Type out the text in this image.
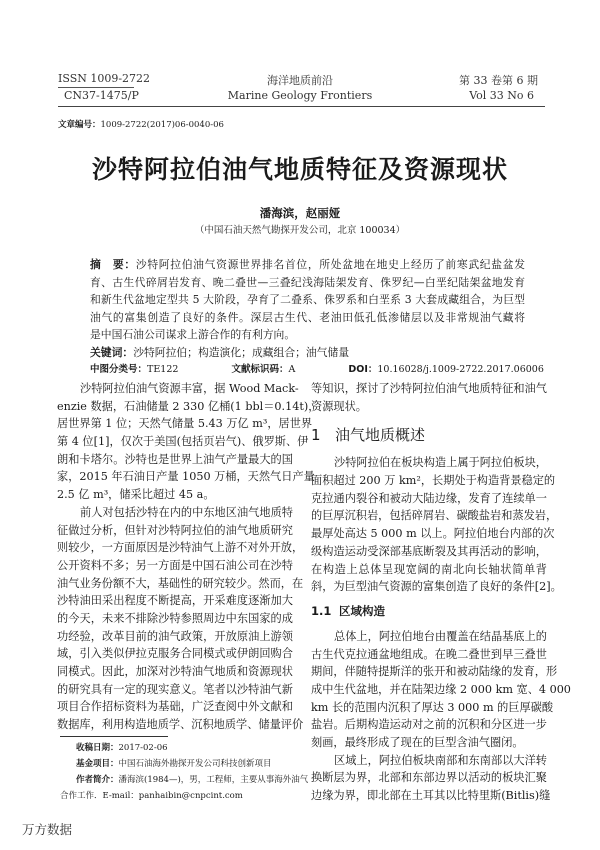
ISSN 1009-2722
CN37-1475/P
海洋地质前沿
Marine Geology Frontiers
第 33 卷第 6 期
Vol 33 No 6
文章编号：1009-2722(2017)06-0040-06
沙特阿拉伯油气地质特征及资源现状
潘海滨，赵丽娅
（中国石油天然气勘探开发公司，北京 100034）
摘　要：沙特阿拉伯油气资源世界排名首位，所处盆地在地史上经历了前寒武纪盐盆发
育、古生代碎屑岩发育、晚二叠世—三叠纪浅海陆架发育、侏罗纪—白垩纪陆架盆地发育
和新生代盆地定型共 5 大阶段，孕育了二叠系、侏罗系和白垩系 3 大套成藏组合，为巨型
油气的富集创造了良好的条件。深层古生代、老油田低孔低渗储层以及非常规油气藏将
是中国石油公司谋求上游合作的有利方向。
关键词：沙特阿拉伯；构造演化；成藏组合；油气储量
中图分类号：TE122	文献标识码：A	DOI：10.16028/j.1009-2722.2017.06006
沙特阿拉伯油气资源丰富，据 Wood Mack-
enzie 数据，石油储量 2 330 亿桶(1 bbl＝0.14t)，
居世界第 1 位；天然气储量 5.43 万亿 m³，居世界
第 4 位[1]，仅次于美国(包括页岩气)、俄罗斯、伊
朗和卡塔尔。沙特也是世界上油气产量最大的国
家，2015 年石油日产量 1050 万桶，天然气日产量
2.5 亿 m³，储采比超过 45 a。
前人对包括沙特在内的中东地区油气地质特
征做过分析，但针对沙特阿拉伯的油气地质研究
则较少，一方面原因是沙特油气上游不对外开放，
公开资料不多；另一方面是中国石油公司在沙特
油气业务份额不大，基础性的研究较少。然而，在
沙特油田采出程度不断提高，开采难度逐渐加大
的今天，未来不排除沙特参照周边中东国家的成
功经验，改革目前的油气政策，开放原油上游领
域，引入类似伊拉克服务合同模式或伊朗回购合
同模式。因此，加深对沙特油气地质和资源现状
的研究具有一定的现实意义。笔者以沙特油气新
项目合作招标资料为基础，广泛查阅中外文献和
数据库，利用构造地质学、沉积地质学、储量评价
收稿日期：2017-02-06
基金项目：中国石油海外勘探开发公司科技创新项目
作者简介：潘海滨(1984—)，男，工程师，主要从事海外油气
合作工作．E-mail：panhaibin@cnpcint.com
等知识，探讨了沙特阿拉伯油气地质特征和油气
资源现状。
1 油气地质概述
沙特阿拉伯在板块构造上属于阿拉伯板块，
面积超过 200 万 km²，长期处于构造背景稳定的
克拉通内裂谷和被动大陆边缘，发育了连续单一
的巨厚沉积岩，包括碎屑岩、碳酸盐岩和蒸发岩，
最厚处高达 5 000 m 以上。阿拉伯地台内部的次
级构造运动受深部基底断裂及其再活动的影响，
在构造上总体呈现宽阔的南北向长轴状简单背
斜，为巨型油气资源的富集创造了良好的条件[2]。
1.1 区域构造
总体上，阿拉伯地台由覆盖在结晶基底上的
古生代克拉通盆地组成。在晚二叠世到早三叠世
期间，伴随特提斯洋的张开和被动陆缘的发育，形
成中生代盆地，并在陆架边缘 2 000 km 宽、4 000
km 长的范围内沉积了厚达 3 000 m 的巨厚碳酸
盐岩。后期构造运动对之前的沉积和分区进一步
刻画，最终形成了现在的巨型含油气圈闭。
区域上，阿拉伯板块南部和东南部以大洋转
换断层为界，北部和东部边界以活动的板块汇聚
边缘为界，即北部在土耳其以比特里斯(Bitlis)缝
万方数据
